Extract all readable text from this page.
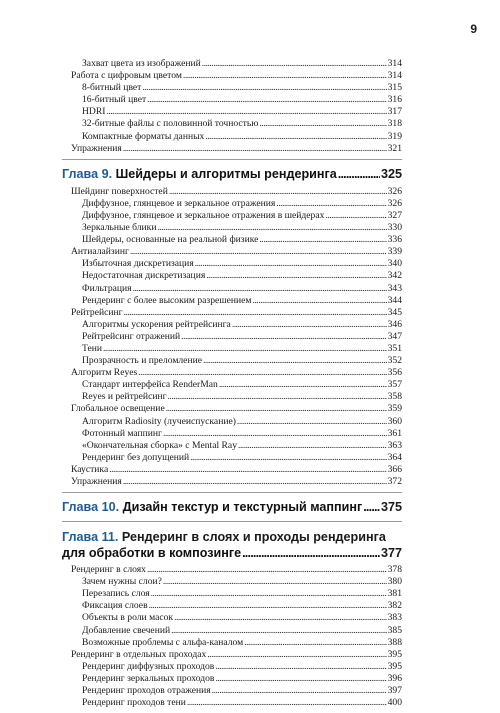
9
Захват цвета из изображений .....	314
Работа с цифровым цветом .....	314
8-битный цвет .....	315
16-битный цвет .....	316
HDRI .....	317
32-битные файлы с половинной точностью .....	318
Компактные форматы данных .....	319
Упражнения .....	321
Глава 9.
Шейдеры и алгоритмы рендеринга .....	325
Шейдинг поверхностей .....	326
Диффузное, глянцевое и зеркальное отражения .....	326
Диффузное, глянцевое и зеркальное отражения в шейдерах .....	327
Зеркальные блики .....	330
Шейдеры, основанные на реальной физике .....	336
Антиалайзинг .....	339
Избыточная дискретизация .....	340
Недостаточная дискретизация .....	342
Фильтрация .....	343
Рендеринг с более высоким разрешением .....	344
Рейтрейсинг .....	345
Алгоритмы ускорения рейтрейсинга .....	346
Рейтрейсинг отражений .....	347
Тени .....	351
Прозрачность и преломление .....	352
Алгоритм Reyes .....	356
Стандарт интерфейса RenderMan .....	357
Reyes и рейтрейсинг .....	358
Глобальное освещение .....	359
Алгоритм Radiosity (лучеиспускание) .....	360
Фотонный маппинг .....	361
«Окончательная сборка» с Mental Ray .....	363
Рендеринг без допущений .....	364
Каустика .....	366
Упражнения .....	372
Глава 10.
Дизайн текстур и текстурный маппинг ..... 375
Глава 11. Рендеринг в слоях и проходы рендеринга
для обработки в композинге .....	377
Рендеринг в слоях .....	378
Зачем нужны слои? .....	380
Перезапись слоя .....	381
Фиксация слоев .....	382
Объекты в роли масок .....	383
Добавление свечений .....	385
Возможные проблемы с альфа-каналом .....	388
Рендеринг в отдельных проходах .....	395
Рендеринг диффузных проходов .....	395
Рендеринг зеркальных проходов .....	396
Рендеринг проходов отражения .....	397
Рендеринг проходов тени .....	400
